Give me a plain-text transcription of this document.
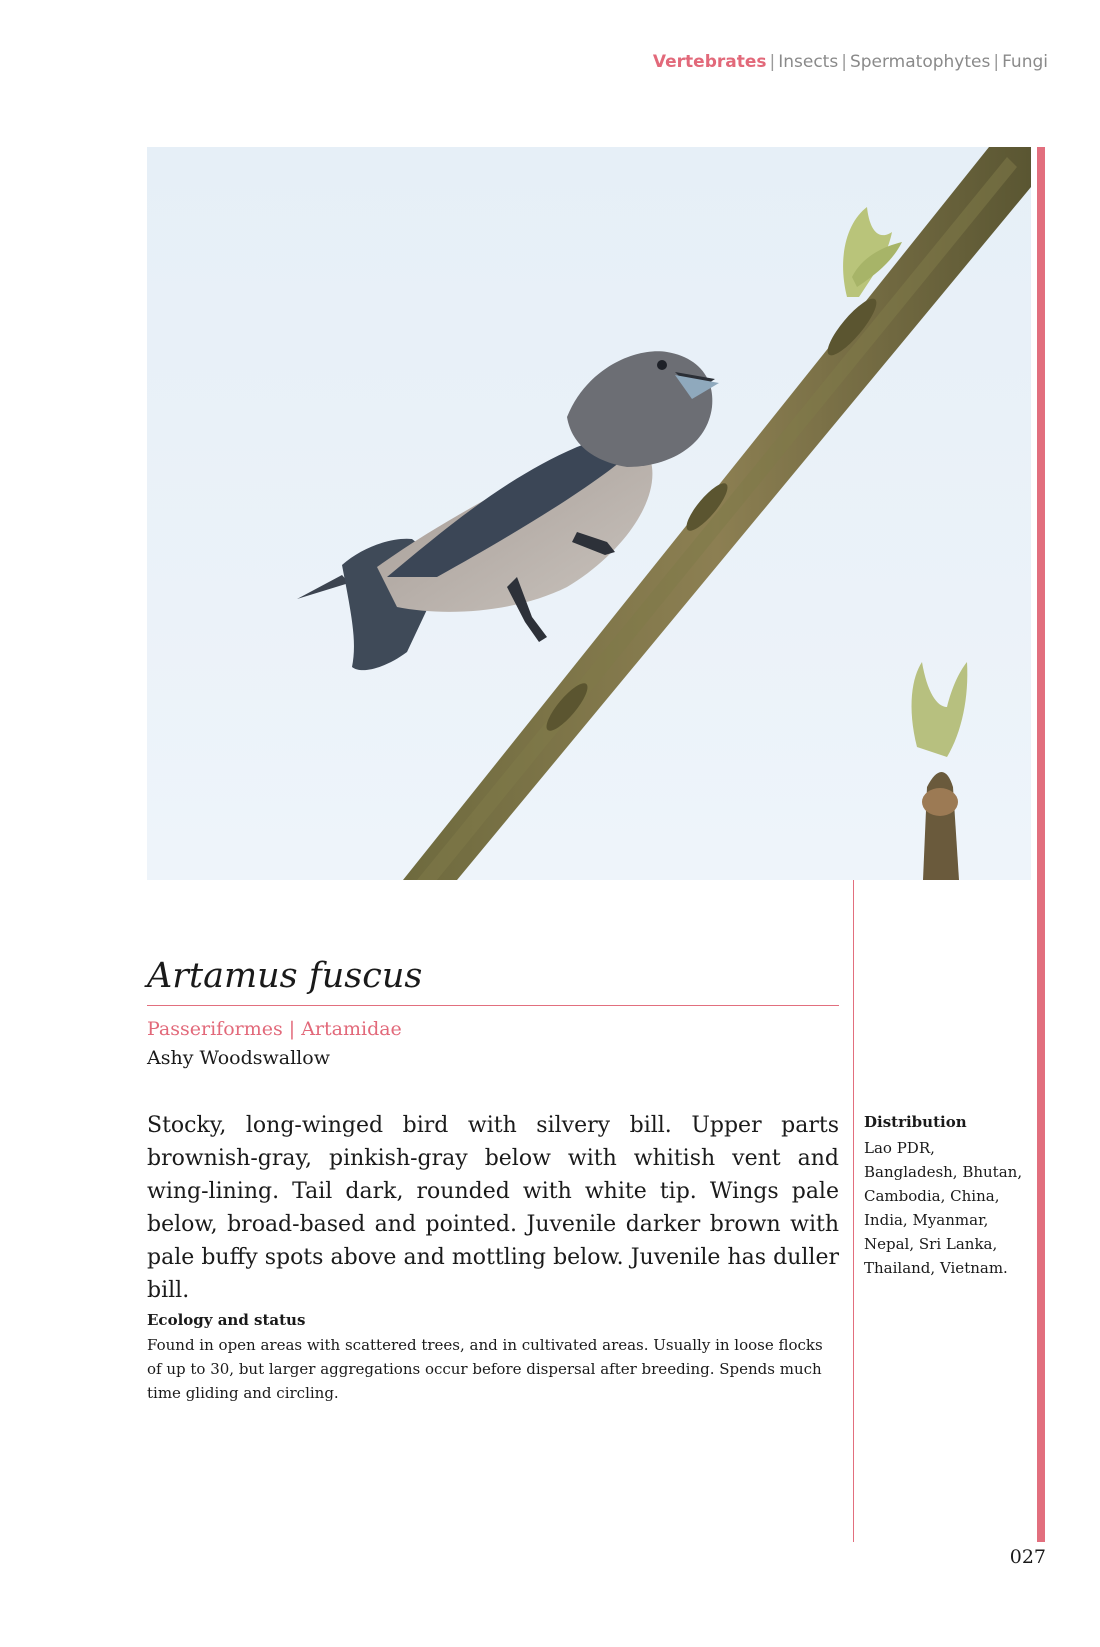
Vertebrates | Insects | Spermatophytes | Fungi
Artamus fuscus
Passeriformes | Artamidae
Ashy Woodswallow

Stocky, long-winged bird with silvery bill. Upper parts brownish-gray, pinkish-gray below with whitish vent and wing-lining. Tail dark, rounded with white tip. Wings pale below, broad-based and pointed. Juvenile darker brown with pale buffy spots above and mottling below. Juvenile has duller bill.

Ecology and status

Found in open areas with scattered trees, and in cultivated areas. Usually in loose flocks of up to 30, but larger aggregations occur before dispersal after breeding. Spends much time gliding and circling.

Distribution

Lao PDR, Bangladesh, Bhutan, Cambodia, China, India, Myanmar, Nepal, Sri Lanka, Thailand, Vietnam.

027
